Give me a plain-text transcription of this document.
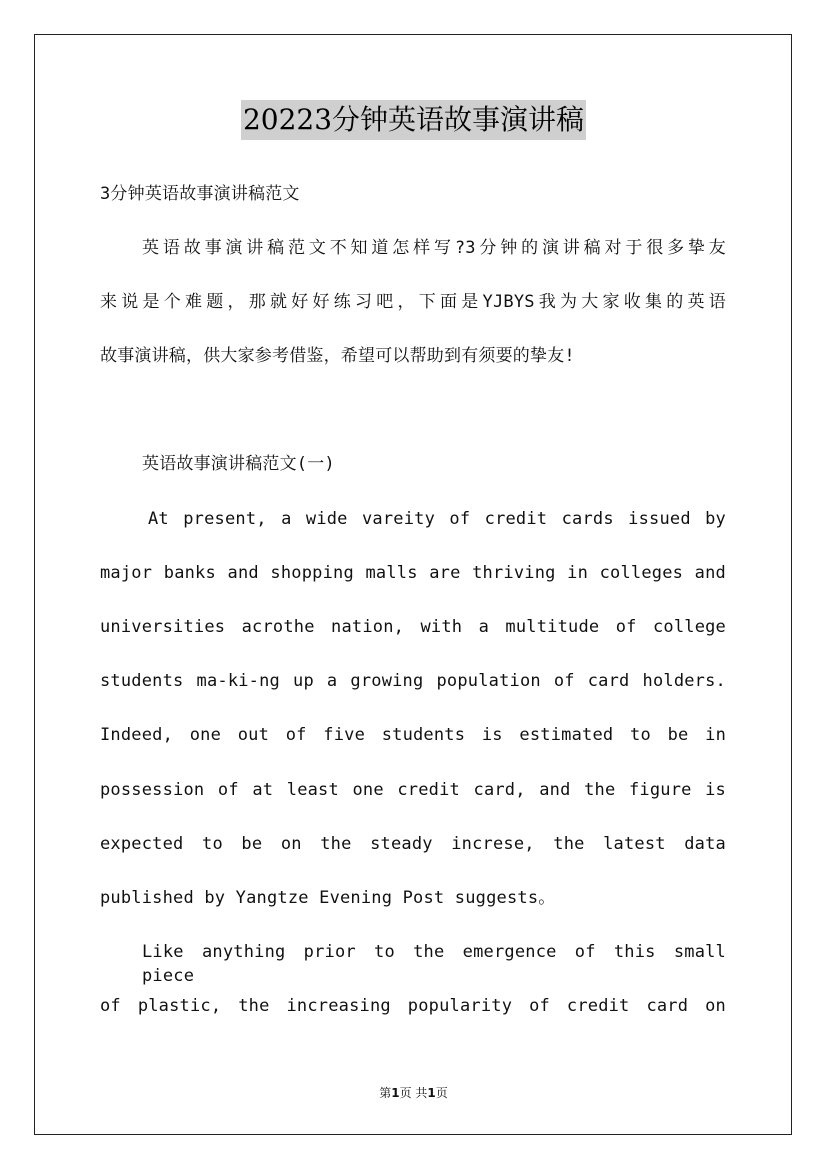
20223分钟英语故事演讲稿
3分钟英语故事演讲稿范文
英语故事演讲稿范文不知道怎样写?3分钟的演讲稿对于很多挚友
来说是个难题，那就好好练习吧，下面是YJBYS我为大家收集的英语
故事演讲稿，供大家参考借鉴，希望可以帮助到有须要的挚友!
英语故事演讲稿范文(一)
At present, a wide vareity of credit cards issued by
major banks and shopping malls are thriving in colleges and
universities acrothe nation, with a multitude of college
students ma-ki-ng up a growing population of card holders.
Indeed, one out of five students is estimated to be in
possession of at least one credit card, and the figure is
expected to be on the steady increse, the latest data
published by Yangtze Evening Post suggests。
Like anything prior to the emergence of this small piece
of plastic, the increasing popularity of credit card on
第1页 共1页
